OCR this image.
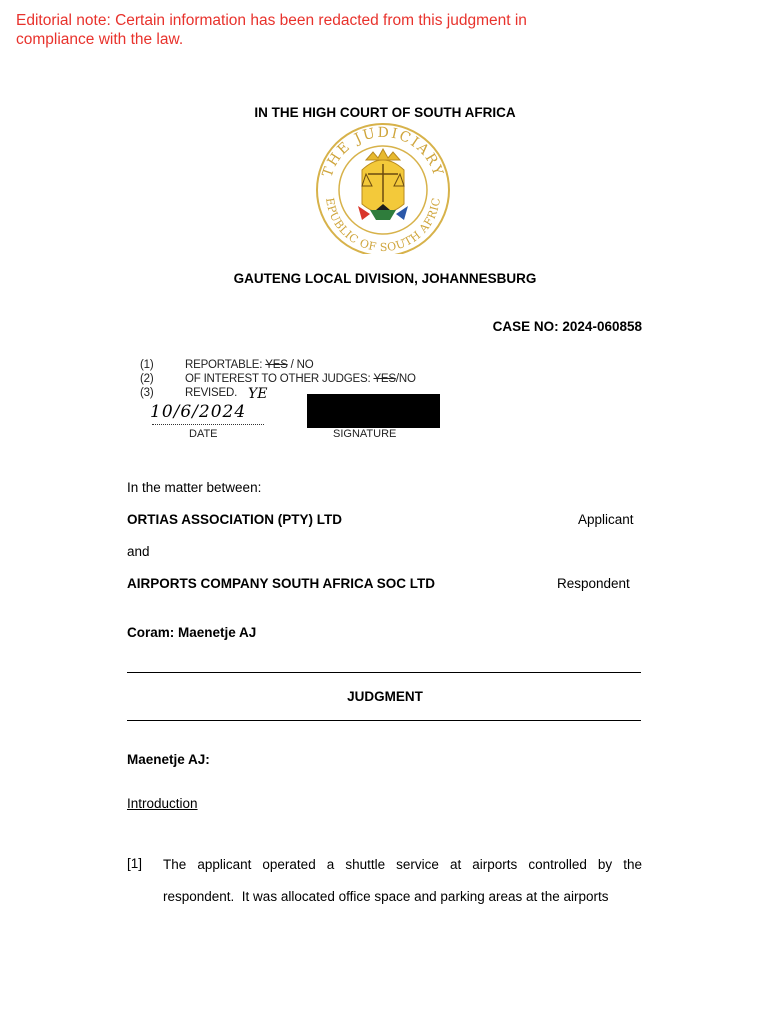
Editorial note: Certain information has been redacted from this judgment in compliance with the law.
IN THE HIGH COURT OF SOUTH AFRICA
THE JUDICIARY
EPUBLIC OF SOUTH AFRIC
GAUTENG LOCAL DIVISION, JOHANNESBURG
CASE NO: 2024-060858
(1)	REPORTABLE: YES / NO
(2)	OF INTEREST TO OTHER JUDGES: YES /NO
(3)	REVISED. YE
10/6/2024
DATE	SIGNATURE
In the matter between:
ORTIAS ASSOCIATION (PTY) LTD	Applicant
and
AIRPORTS COMPANY SOUTH AFRICA SOC LTD	Respondent
Coram: Maenetje AJ
JUDGMENT
Maenetje AJ:
Introduction
[1] The applicant operated a shuttle service at airports controlled by the
respondent.  It was allocated office space and parking areas at the airports
